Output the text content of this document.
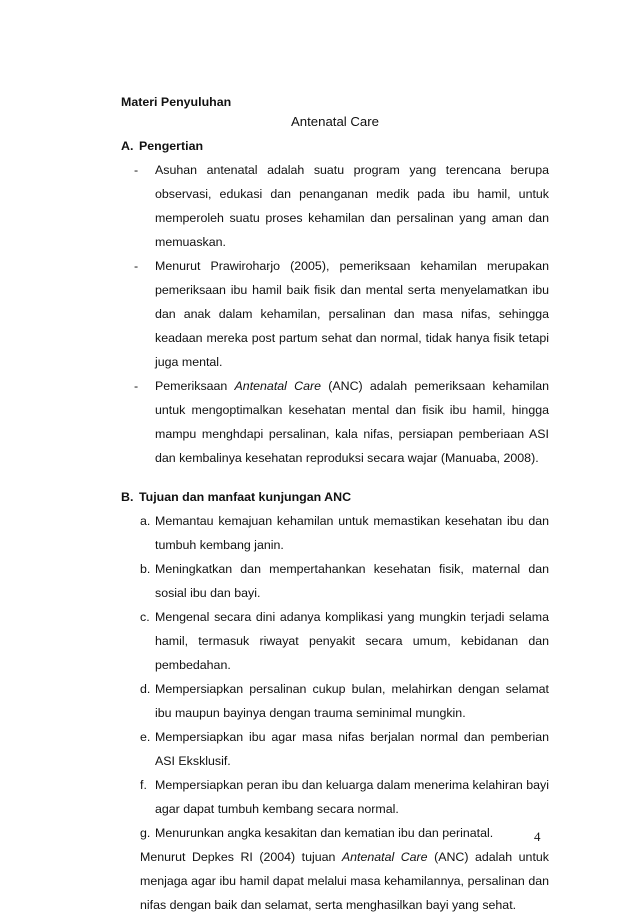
Materi Penyuluhan
Antenatal Care
A. Pengertian
- Asuhan antenatal adalah suatu program yang terencana berupa observasi, edukasi dan penanganan medik pada ibu hamil, untuk memperoleh suatu proses kehamilan dan persalinan yang aman dan memuaskan.
- Menurut Prawiroharjo (2005), pemeriksaan kehamilan merupakan pemeriksaan ibu hamil baik fisik dan mental serta menyelamatkan ibu dan anak dalam kehamilan, persalinan dan masa nifas, sehingga keadaan mereka post partum sehat dan normal, tidak hanya fisik tetapi juga mental.
- Pemeriksaan Antenatal Care (ANC) adalah pemeriksaan kehamilan untuk mengoptimalkan kesehatan mental dan fisik ibu hamil, hingga mampu menghdapi persalinan, kala nifas, persiapan pemberiaan ASI dan kembalinya kesehatan reproduksi secara wajar (Manuaba, 2008).
B. Tujuan dan manfaat kunjungan ANC
a. Memantau kemajuan kehamilan untuk memastikan kesehatan ibu dan tumbuh kembang janin.
b. Meningkatkan dan mempertahankan kesehatan fisik, maternal dan sosial ibu dan bayi.
c. Mengenal secara dini adanya komplikasi yang mungkin terjadi selama hamil, termasuk riwayat penyakit secara umum, kebidanan dan pembedahan.
d. Mempersiapkan persalinan cukup bulan, melahirkan dengan selamat ibu maupun bayinya dengan trauma seminimal mungkin.
e. Mempersiapkan ibu agar masa nifas berjalan normal dan pemberian ASI Eksklusif.
f. Mempersiapkan peran ibu dan keluarga dalam menerima kelahiran bayi agar dapat tumbuh kembang secara normal.
g. Menurunkan angka kesakitan dan kematian ibu dan perinatal.
Menurut Depkes RI (2004) tujuan Antenatal Care (ANC) adalah untuk menjaga agar ibu hamil dapat melalui masa kehamilannya, persalinan dan nifas dengan baik dan selamat, serta menghasilkan bayi yang sehat.
4
